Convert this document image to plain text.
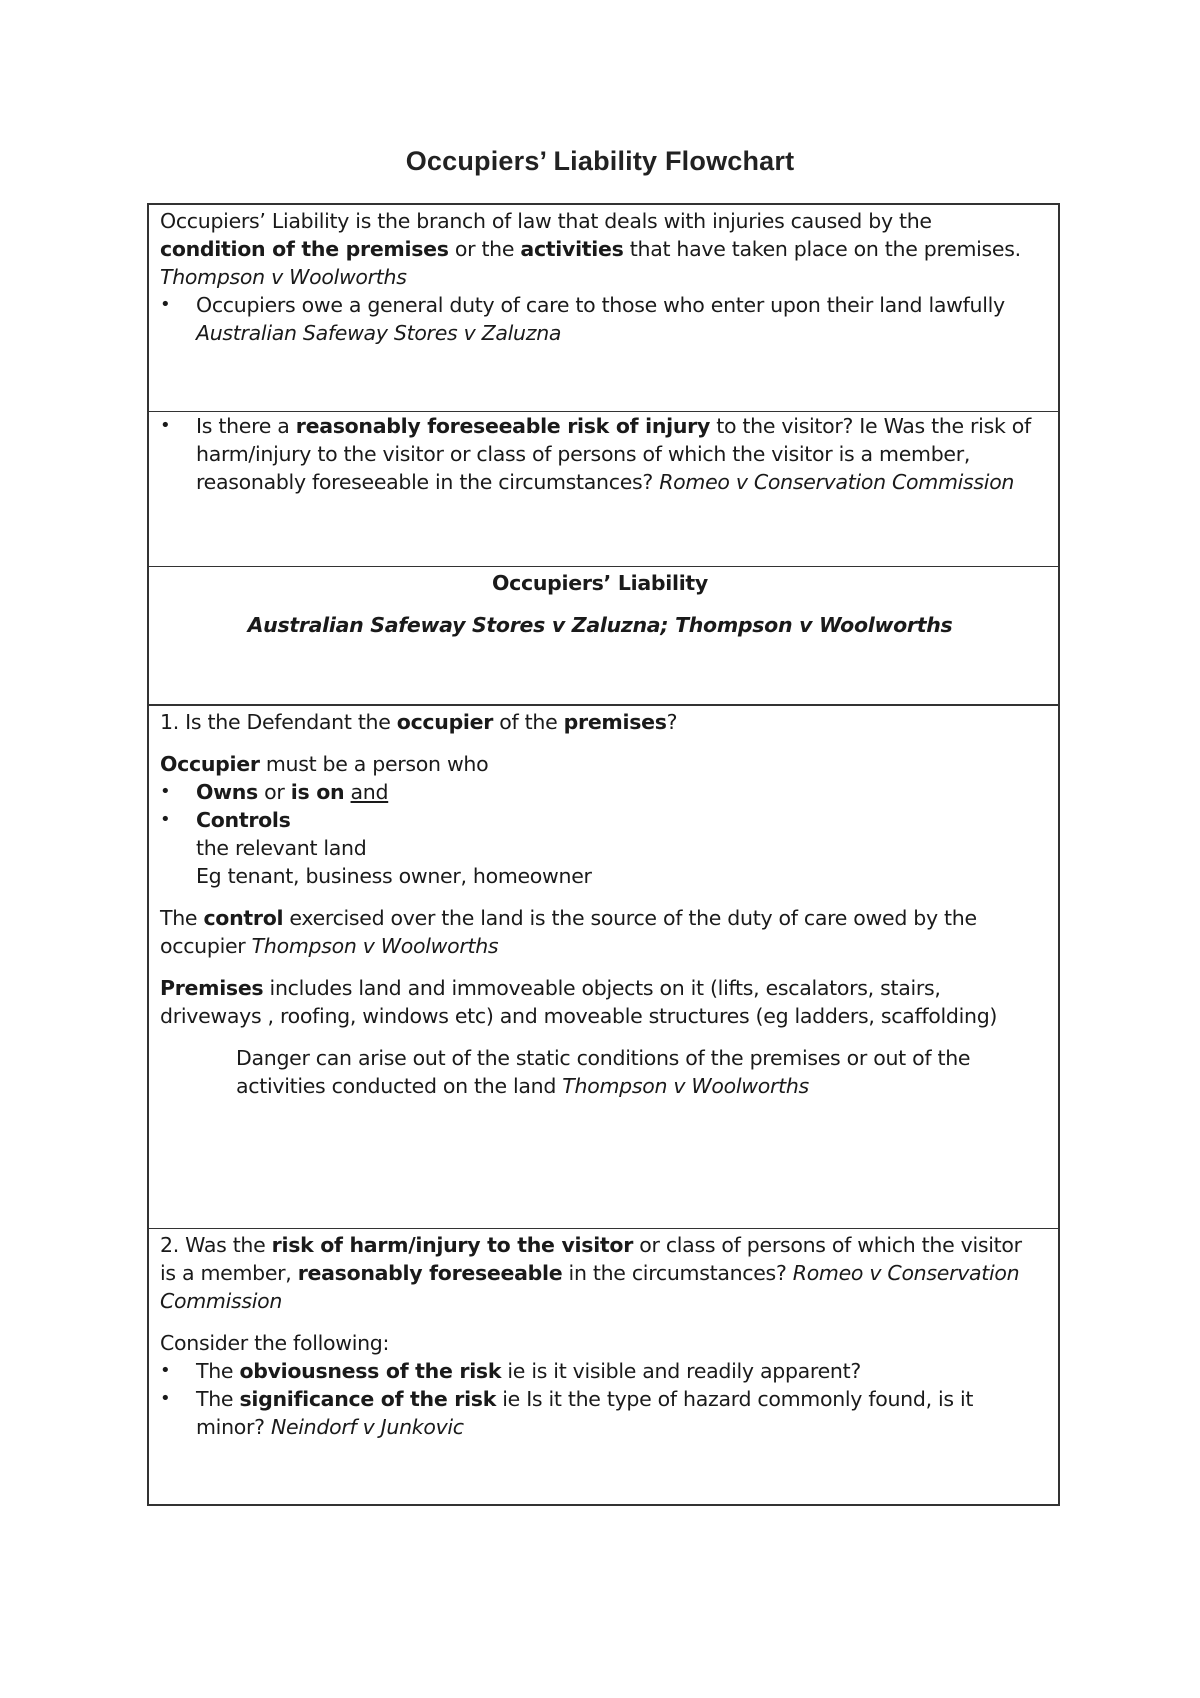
Occupiers’ Liability Flowchart

Occupiers’ Liability is the branch of law that deals with injuries caused by the
condition of the premises or the activities that have taken place on the premises.
Thompson v Woolworths

• Occupiers owe a general duty of care to those who enter upon their land lawfully Australian Safeway Stores v Zaluzna
• Is there a reasonably foreseeable risk of injury to the visitor? Ie Was the risk of harm/injury to the visitor or class of persons of which the visitor is a member, reasonably foreseeable in the circumstances? Romeo v Conservation Commission

Occupiers’ Liability

Australian Safeway Stores v Zaluzna; Thompson v Woolworths

1. Is the Defendant the occupier of the premises?

Occupier must be a person who

• Owns or is on and
• Controls

the relevant land

Eg tenant, business owner, homeowner

The control exercised over the land is the source of the duty of care owed by the occupier Thompson v Woolworths

Premises includes land and immoveable objects on it (lifts, escalators, stairs, driveways , roofing, windows etc) and moveable structures (eg ladders, scaffolding)

Danger can arise out of the static conditions of the premises or out of the activities conducted on the land Thompson v Woolworths

2. Was the risk of harm/injury to the visitor or class of persons of which the visitor is a member, reasonably foreseeable in the circumstances? Romeo v Conservation Commission

Consider the following:

• The obviousness of the risk ie is it visible and readily apparent?
• The significance of the risk ie Is it the type of hazard commonly found, is it minor? Neindorf v Junkovic
